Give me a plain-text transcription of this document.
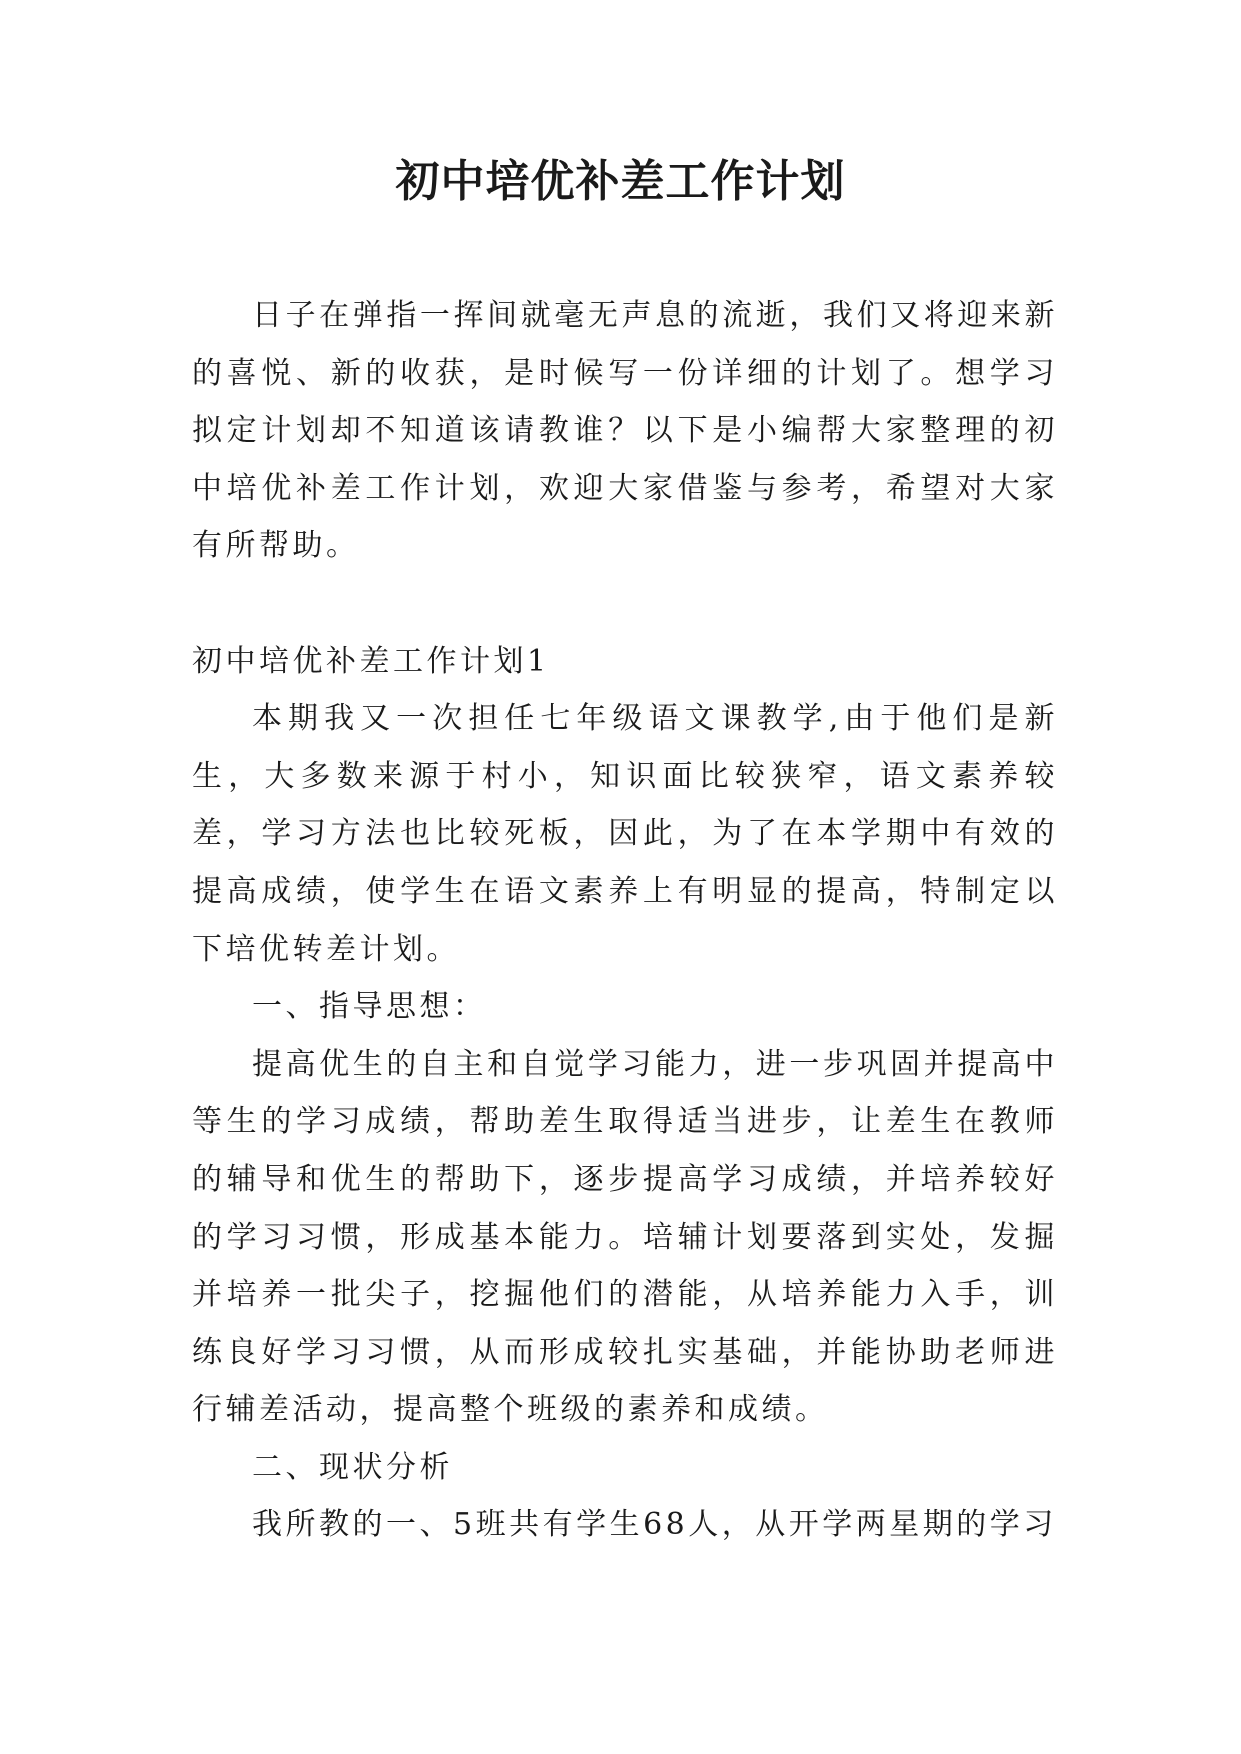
初中培优补差工作计划

日子在弹指一挥间就毫无声息的流逝，我们又将迎来新的喜悦、新的收获，是时候写一份详细的计划了。想学习拟定计划却不知道该请教谁？以下是小编帮大家整理的初中培优补差工作计划，欢迎大家借鉴与参考，希望对大家有所帮助。

初中培优补差工作计划1

本期我又一次担任七年级语文课教学,由于他们是新生，大多数来源于村小，知识面比较狭窄，语文素养较差，学习方法也比较死板，因此，为了在本学期中有效的提高成绩，使学生在语文素养上有明显的提高，特制定以下培优转差计划。

一、指导思想：

提高优生的自主和自觉学习能力，进一步巩固并提高中等生的学习成绩，帮助差生取得适当进步，让差生在教师的辅导和优生的帮助下，逐步提高学习成绩，并培养较好的学习习惯，形成基本能力。培辅计划要落到实处，发掘并培养一批尖子，挖掘他们的潜能，从培养能力入手，训练良好学习习惯，从而形成较扎实基础，并能协助老师进行辅差活动，提高整个班级的素养和成绩。

二、现状分析

我所教的一、5班共有学生68人，从开学两星期的学习
